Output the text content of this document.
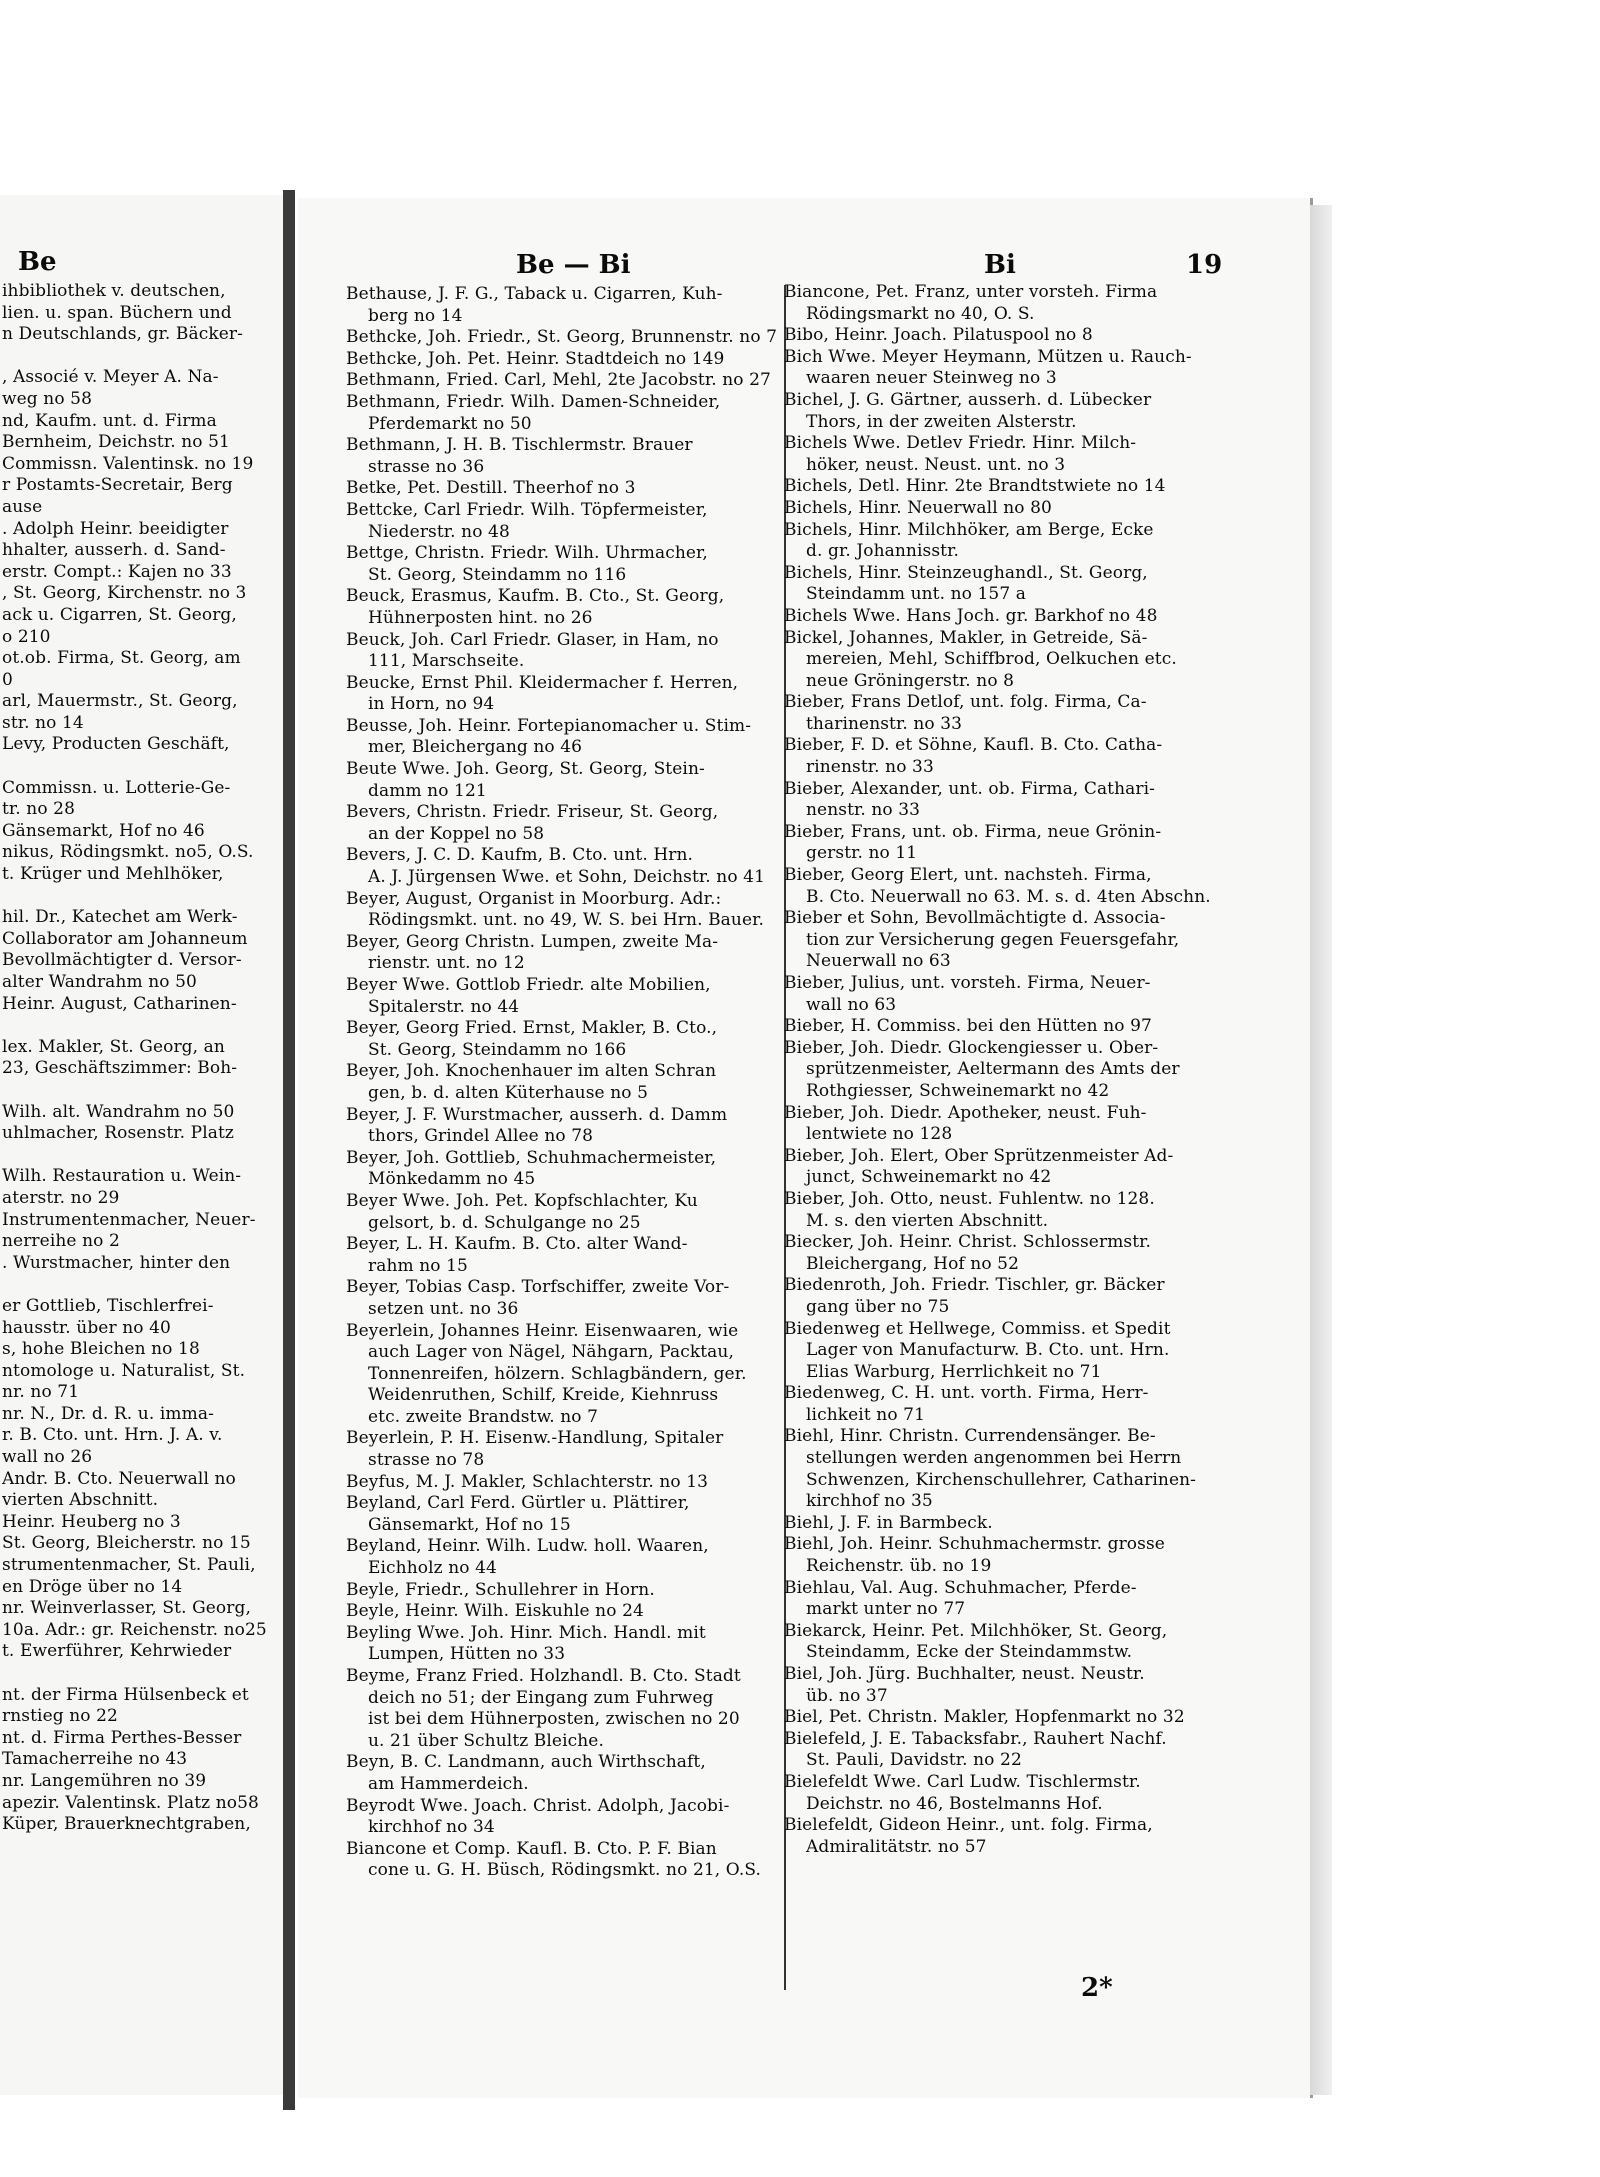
Be
ihbibliothek v. deutschen,
lien. u. span. Büchern und
n Deutschlands, gr. Bäcker-

, Associé v. Meyer A. Na-
weg no 58
nd, Kaufm. unt. d. Firma
Bernheim, Deichstr. no 51
Commissn. Valentinsk. no 19
r Postamts-Secretair, Berg
ause
. Adolph Heinr. beeidigter
hhalter, ausserh. d. Sand-
erstr. Compt.: Kajen no 33
, St. Georg, Kirchenstr. no 3
ack u. Cigarren, St. Georg,
o 210
ot.ob. Firma, St. Georg, am
0
arl, Mauermstr., St. Georg,
str. no 14
Levy, Producten Geschäft,

Commissn. u. Lotterie-Ge-
tr. no 28
Gänsemarkt, Hof no 46
nikus, Rödingsmkt. no5, O.S.
t. Krüger und Mehlhöker,

hil. Dr., Katechet am Werk-
Collaborator am Johanneum
Bevollmächtigter d. Versor-
alter Wandrahm no 50
Heinr. August, Catharinen-

lex. Makler, St. Georg, an
23, Geschäftszimmer: Boh-

Wilh. alt. Wandrahm no 50
uhlmacher, Rosenstr. Platz

Wilh. Restauration u. Wein-
aterstr. no 29
Instrumentenmacher, Neuer-
nerreihe no 2
. Wurstmacher, hinter den

er Gottlieb, Tischlerfrei-
hausstr. über no 40
s, hohe Bleichen no 18
ntomologe u. Naturalist, St.
nr. no 71
nr. N., Dr. d. R. u. imma-
r. B. Cto. unt. Hrn. J. A. v.
wall no 26
Andr. B. Cto. Neuerwall no
vierten Abschnitt.
Heinr. Heuberg no 3
St. Georg, Bleicherstr. no 15
strumentenmacher, St. Pauli,
en Dröge über no 14
nr. Weinverlasser, St. Georg,
10a. Adr.: gr. Reichenstr. no25
t. Ewerführer, Kehrwieder

nt. der Firma Hülsenbeck et
rnstieg no 22
nt. d. Firma Perthes-Besser
Tamacherreihe no 43
nr. Langemühren no 39
apezir. Valentinsk. Platz no58
Küper, Brauerknechtgraben,
Be — Bi	Bi	19
Bethause, J. F. G., Taback u. Cigarren, Kuh-
berg no 14
Bethcke, Joh. Friedr., St. Georg, Brunnenstr. no 7
Bethcke, Joh. Pet. Heinr. Stadtdeich no 149
Bethmann, Fried. Carl, Mehl, 2te Jacobstr. no 27
Bethmann, Friedr. Wilh. Damen-Schneider,
Pferdemarkt no 50
Bethmann, J. H. B. Tischlermstr. Brauer
strasse no 36
Betke, Pet. Destill. Theerhof no 3
Bettcke, Carl Friedr. Wilh. Töpfermeister,
Niederstr. no 48
Bettge, Christn. Friedr. Wilh. Uhrmacher,
St. Georg, Steindamm no 116
Beuck, Erasmus, Kaufm. B. Cto., St. Georg,
Hühnerposten hint. no 26
Beuck, Joh. Carl Friedr. Glaser, in Ham, no
111, Marschseite.
Beucke, Ernst Phil. Kleidermacher f. Herren,
in Horn, no 94
Beusse, Joh. Heinr. Fortepianomacher u. Stim-
mer, Bleichergang no 46
Beute Wwe. Joh. Georg, St. Georg, Stein-
damm no 121
Bevers, Christn. Friedr. Friseur, St. Georg,
an der Koppel no 58
Bevers, J. C. D. Kaufm, B. Cto. unt. Hrn.
A. J. Jürgensen Wwe. et Sohn, Deichstr. no 41
Beyer, August, Organist in Moorburg. Adr.:
Rödingsmkt. unt. no 49, W. S. bei Hrn. Bauer.
Beyer, Georg Christn. Lumpen, zweite Ma-
rienstr. unt. no 12
Beyer Wwe. Gottlob Friedr. alte Mobilien,
Spitalerstr. no 44
Beyer, Georg Fried. Ernst, Makler, B. Cto.,
St. Georg, Steindamm no 166
Beyer, Joh. Knochenhauer im alten Schran
gen, b. d. alten Küterhause no 5
Beyer, J. F. Wurstmacher, ausserh. d. Damm
thors, Grindel Allee no 78
Beyer, Joh. Gottlieb, Schuhmachermeister,
Mönkedamm no 45
Beyer Wwe. Joh. Pet. Kopfschlachter, Ku
gelsort, b. d. Schulgange no 25
Beyer, L. H. Kaufm. B. Cto. alter Wand-
rahm no 15
Beyer, Tobias Casp. Torfschiffer, zweite Vor-
setzen unt. no 36
Beyerlein, Johannes Heinr. Eisenwaaren, wie
auch Lager von Nägel, Nähgarn, Packtau,
Tonnenreifen, hölzern. Schlagbändern, ger.
Weidenruthen, Schilf, Kreide, Kiehnruss
etc. zweite Brandstw. no 7
Beyerlein, P. H. Eisenw.-Handlung, Spitaler
strasse no 78
Beyfus, M. J. Makler, Schlachterstr. no 13
Beyland, Carl Ferd. Gürtler u. Plättirer,
Gänsemarkt, Hof no 15
Beyland, Heinr. Wilh. Ludw. holl. Waaren,
Eichholz no 44
Beyle, Friedr., Schullehrer in Horn.
Beyle, Heinr. Wilh. Eiskuhle no 24
Beyling Wwe. Joh. Hinr. Mich. Handl. mit
Lumpen, Hütten no 33
Beyme, Franz Fried. Holzhandl. B. Cto. Stadt
deich no 51; der Eingang zum Fuhrweg
ist bei dem Hühnerposten, zwischen no 20
u. 21 über Schultz Bleiche.
Beyn, B. C. Landmann, auch Wirthschaft,
am Hammerdeich.
Beyrodt Wwe. Joach. Christ. Adolph, Jacobi-
kirchhof no 34
Biancone et Comp. Kaufl. B. Cto. P. F. Bian
cone u. G. H. Büsch, Rödingsmkt. no 21, O.S.
Biancone, Pet. Franz, unter vorsteh. Firma
Rödingsmarkt no 40, O. S.
Bibo, Heinr. Joach. Pilatuspool no 8
Bich Wwe. Meyer Heymann, Mützen u. Rauch-
waaren neuer Steinweg no 3
Bichel, J. G. Gärtner, ausserh. d. Lübecker
Thors, in der zweiten Alsterstr.
Bichels Wwe. Detlev Friedr. Hinr. Milch-
höker, neust. Neust. unt. no 3
Bichels, Detl. Hinr. 2te Brandtstwiete no 14
Bichels, Hinr. Neuerwall no 80
Bichels, Hinr. Milchhöker, am Berge, Ecke
d. gr. Johannisstr.
Bichels, Hinr. Steinzeughandl., St. Georg,
Steindamm unt. no 157 a
Bichels Wwe. Hans Joch. gr. Barkhof no 48
Bickel, Johannes, Makler, in Getreide, Sä-
mereien, Mehl, Schiffbrod, Oelkuchen etc.
neue Gröningerstr. no 8
Bieber, Frans Detlof, unt. folg. Firma, Ca-
tharinenstr. no 33
Bieber, F. D. et Söhne, Kaufl. B. Cto. Catha-
rinenstr. no 33
Bieber, Alexander, unt. ob. Firma, Cathari-
nenstr. no 33
Bieber, Frans, unt. ob. Firma, neue Grönin-
gerstr. no 11
Bieber, Georg Elert, unt. nachsteh. Firma,
B. Cto. Neuerwall no 63. M. s. d. 4ten Abschn.
Bieber et Sohn, Bevollmächtigte d. Associa-
tion zur Versicherung gegen Feuersgefahr,
Neuerwall no 63
Bieber, Julius, unt. vorsteh. Firma, Neuer-
wall no 63
Bieber, H. Commiss. bei den Hütten no 97
Bieber, Joh. Diedr. Glockengiesser u. Ober-
sprützenmeister, Aeltermann des Amts der
Rothgiesser, Schweinemarkt no 42
Bieber, Joh. Diedr. Apotheker, neust. Fuh-
lentwiete no 128
Bieber, Joh. Elert, Ober Sprützenmeister Ad-
junct, Schweinemarkt no 42
Bieber, Joh. Otto, neust. Fuhlentw. no 128.
M. s. den vierten Abschnitt.
Biecker, Joh. Heinr. Christ. Schlossermstr.
Bleichergang, Hof no 52
Biedenroth, Joh. Friedr. Tischler, gr. Bäcker
gang über no 75
Biedenweg et Hellwege, Commiss. et Spedit
Lager von Manufacturw. B. Cto. unt. Hrn.
Elias Warburg, Herrlichkeit no 71
Biedenweg, C. H. unt. vorth. Firma, Herr-
lichkeit no 71
Biehl, Hinr. Christn. Currendensänger. Be-
stellungen werden angenommen bei Herrn
Schwenzen, Kirchenschullehrer, Catharinen-
kirchhof no 35
Biehl, J. F. in Barmbeck.
Biehl, Joh. Heinr. Schuhmachermstr. grosse
Reichenstr. üb. no 19
Biehlau, Val. Aug. Schuhmacher, Pferde-
markt unter no 77
Biekarck, Heinr. Pet. Milchhöker, St. Georg,
Steindamm, Ecke der Steindammstw.
Biel, Joh. Jürg. Buchhalter, neust. Neustr.
üb. no 37
Biel, Pet. Christn. Makler, Hopfenmarkt no 32
Bielefeld, J. E. Tabacksfabr., Rauhert Nachf.
St. Pauli, Davidstr. no 22
Bielefeldt Wwe. Carl Ludw. Tischlermstr.
Deichstr. no 46, Bostelmanns Hof.
Bielefeldt, Gideon Heinr., unt. folg. Firma,
Admiralitätstr. no 57
2*
